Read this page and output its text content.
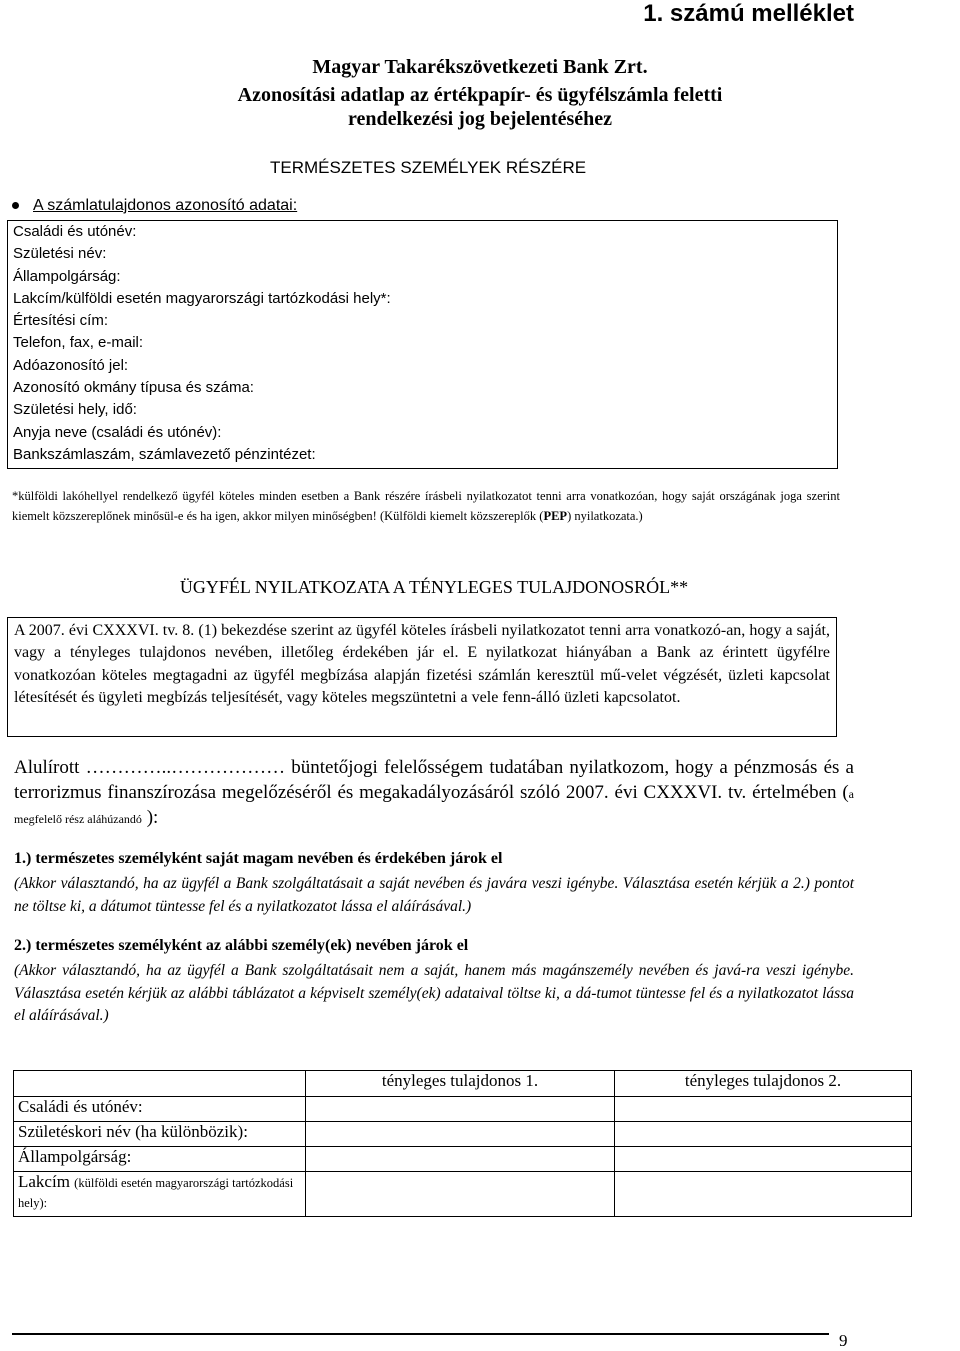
1. számú melléklet
Magyar Takarékszövetkezeti Bank Zrt.
Azonosítási adatlap az értékpapír- és ügyfélszámla feletti
rendelkezési jog bejelentéséhez
TERMÉSZETES SZEMÉLYEK RÉSZÉRE
A számlatulajdonos azonosító adatai:
Családi és utónév:
Születési név:
Állampolgárság:
Lakcím/külföldi esetén magyarországi tartózkodási hely*:
Értesítési cím:
Telefon, fax, e-mail:
Adóazonosító jel:
Azonosító okmány típusa és száma:
Születési hely, idő:
Anyja neve (családi és utónév):
Bankszámlaszám, számlavezető pénzintézet:
*külföldi lakóhellyel rendelkező ügyfél köteles minden esetben a Bank részére írásbeli nyilatkozatot tenni arra vonatkozóan, hogy saját országának joga szerint kiemelt közszereplőnek minősül-e és ha igen, akkor milyen minőségben! (Külföldi kiemelt közszereplők (PEP) nyilatkozata.)
ÜGYFÉL NYILATKOZATA A TÉNYLEGES TULAJDONOSRÓL**
A 2007. évi CXXXVI. tv. 8. (1) bekezdése szerint az ügyfél köteles írásbeli nyilatkozatot tenni arra vonatkozó-an, hogy a saját, vagy a tényleges tulajdonos nevében, illetőleg érdekében jár el. E nyilatkozat hiányában a Bank az érintett ügyfélre vonatkozóan köteles megtagadni az ügyfél megbízása alapján fizetési számlán keresztül mű-velet végzését, üzleti kapcsolat létesítését és ügyleti megbízás teljesítését, vagy köteles megszüntetni a vele fenn-álló üzleti kapcsolatot.
Alulírott …………..……………… büntetőjogi felelősségem tudatában nyilatkozom, hogy a pénzmosás és a terrorizmus finanszírozása megelőzéséről és megakadályozásáról szóló 2007. évi CXXXVI. tv. értelmében (a megfelelő rész aláhúzandó ):
1.) természetes személyként saját magam nevében és érdekében járok el
(Akkor választandó, ha az ügyfél a Bank szolgáltatásait a saját nevében és javára veszi igénybe. Választása esetén kérjük a 2.) pontot ne töltse ki, a dátumot tüntesse fel és a nyilatkozatot lássa el aláírásával.)
2.) természetes személyként az alábbi személy(ek) nevében járok el
(Akkor választandó, ha az ügyfél a Bank szolgáltatásait nem a saját, hanem más magánszemély nevében és javá-ra veszi igénybe. Választása esetén kérjük az alábbi táblázatot a képviselt személy(ek) adataival töltse ki, a dá-tumot tüntesse fel és a nyilatkozatot lássa el aláírásával.)
	tényleges tulajdonos 1.	tényleges tulajdonos 2.
Családi és utónév:		
Születéskori név (ha különbözik):		
Állampolgárság:		
Lakcím (külföldi esetén magyarországi tartózkodási hely):		
9
